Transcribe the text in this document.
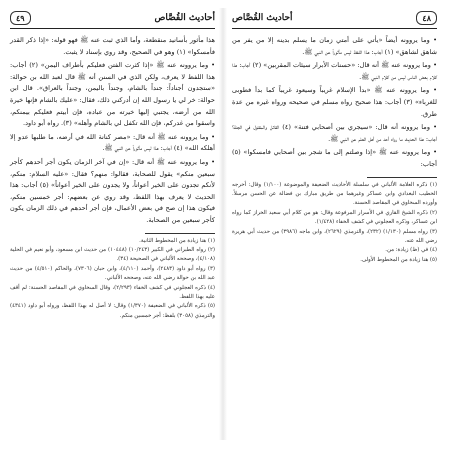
أحاديث القُصَّاص
٤٩

هذا مأثور بأسانيد منقطعة، وأما الذي ثبت عنه ﷺ فهو قوله: «إذا ذكر القدر فأمسكوا» (١) وهو في الصحيح، وقد روي بإسناد لا يثبت.

• وما يروونه عنه ﷺ «إذا كثرت الفتن فعليكم بأطراف اليمن» (٢) أجاب: هذا اللفظ لا يعرف، ولكن الذي في السنن أنه ﷺ قال لعبد الله بن حوالة: «ستجدون أجناداً: جنداً بالشام، وجنداً باليمن، وجنداً بالعراق». قال ابن حوالة: خر لي يا رسول الله إن أدركني ذلك، فقال: «عليك بالشام فإنها خيرة الله من أرضه، يجتبي إليها خيرته من عباده، فإن أبيتم فعليكم بيمنكم، واسقوا من غدركم، فإن الله تكفل لي بالشام وأهله» (٣). رواه أبو داود.

• وما يروونه عنه ﷺ أنه قال: «مصر كنانة الله في أرضه، ما طلبها عدو إلا أهلكه الله» (٤) أجاب: هذا ليس مأثوراً عن النبي ﷺ.

• وما يروونه عنه ﷺ أنه قال: «إن في آخر الزمان يكون أجر أحدهم كأجر سبعين منكم» يقول للصحابة، فقالوا: منهم؟ فقال: «عليه السلام: منكم، لأنكم تجدون على الخير أعواناً، ولا يجدون على الخير أعواناً» (٥) أجاب: هذا الحديث لا يعرف بهذا اللفظ، وقد روي عن بعضهم: أجر خمسين منكم، فيكون هذا إن صح في بعض الأعمال، فإن أجر أحدهم في ذلك الزمان يكون كأجر سبعين من الصحابة.

(١) هنا زيادة من المخطوط الثانية.

(٢) رواه الطبراني في الكبير (١٠/٢٤٣) (١٠٤٤٨) من حديث ابن مسعود، وأبو نعيم في الحلية (٤/١٠٨)، وصححه الألباني في الصحيحة (٣٤).

(٣) رواه أبو داود (٢٤٨٣)، وأحمد (٤/١١٠)، وابن حبان (٧٣٠٦)، والحاكم (٤/٥١٠) من حديث عبد الله بن حوالة رضي الله عنه، وصححه الألباني.

(٤) ذكره العجلوني في كشف الخفاء (٢/٢٩٣)، وقال السخاوي في المقاصد الحسنة: لم أقف عليه بهذا اللفظ.

(٥) ذكره الألباني في الضعيفة (١/٣٧٠) وقال: لا أصل له بهذا اللفظ، ورواه أبو داود (٤٣٤١) والترمذي (٣٠٥٨) بلفظ: أجر خمسين منكم.

٤٨
أحاديث القُصَّاص

• وما يروونه أيضاً «يأتي على أمتي زمان ما يسلم بدينه إلا من يفر من شاهق لشاهق» (١) أجاب: هذا اللفظ ليس مأثوراً عن النبي ﷺ.

• وما يروونه عنه ﷺ أنه قال: «حسنات الأبرار سيئات المقربين» (٢) أجاب: هذا كلام بعض الناس ليس من كلام النبي ﷺ.

• وما يروونه عنه ﷺ «بدأ الإسلام غريباً وسيعود غريباً كما بدأ فطوبى للغرباء» (٣) أجاب: هذا صحيح رواه مسلم في صحيحه ورواه غيره من عدة طرق.

• وما يروونه أنه قال: «سيجري بين أصحابي فتنة» (٤) القاتل والمقتول في الجنة؟ أجاب: هذا الحديث ما رواه أحد من أهل العلم عن النبي ﷺ.

• وما يروونه عنه ﷺ «إذا وصلتم إلى ما شجر بين أصحابي فامسكوا» (٥) أجاب:

(١) ذكره العلامة الألباني في سلسلة الأحاديث الضعيفة والموضوعة (١/١٠٠) وقال: أخرجه الخطيب البغدادي وابن عساكر وغيرهما من طريق مبارك بن فضالة عن الحسن مرسلاً. وأورده السخاوي في المقاصد الحسنة.

(٢) ذكره الشيخ القاري في الأسرار المرفوعة وقال: هو من كلام أبي سعيد الخراز كما رواه ابن عساكر، وذكره العجلوني في كشف الخفاء (١/٤٢٨).

(٣) رواه مسلم (١/١٣٠) (٢٣٢)، والترمذي (٢٦٢٩)، وابن ماجه (٣٩٨٦) من حديث أبي هريرة رضي الله عنه.

(٤) في (ظ) زيادة: من.

(٥) هنا زيادة من المخطوط الأولى.
